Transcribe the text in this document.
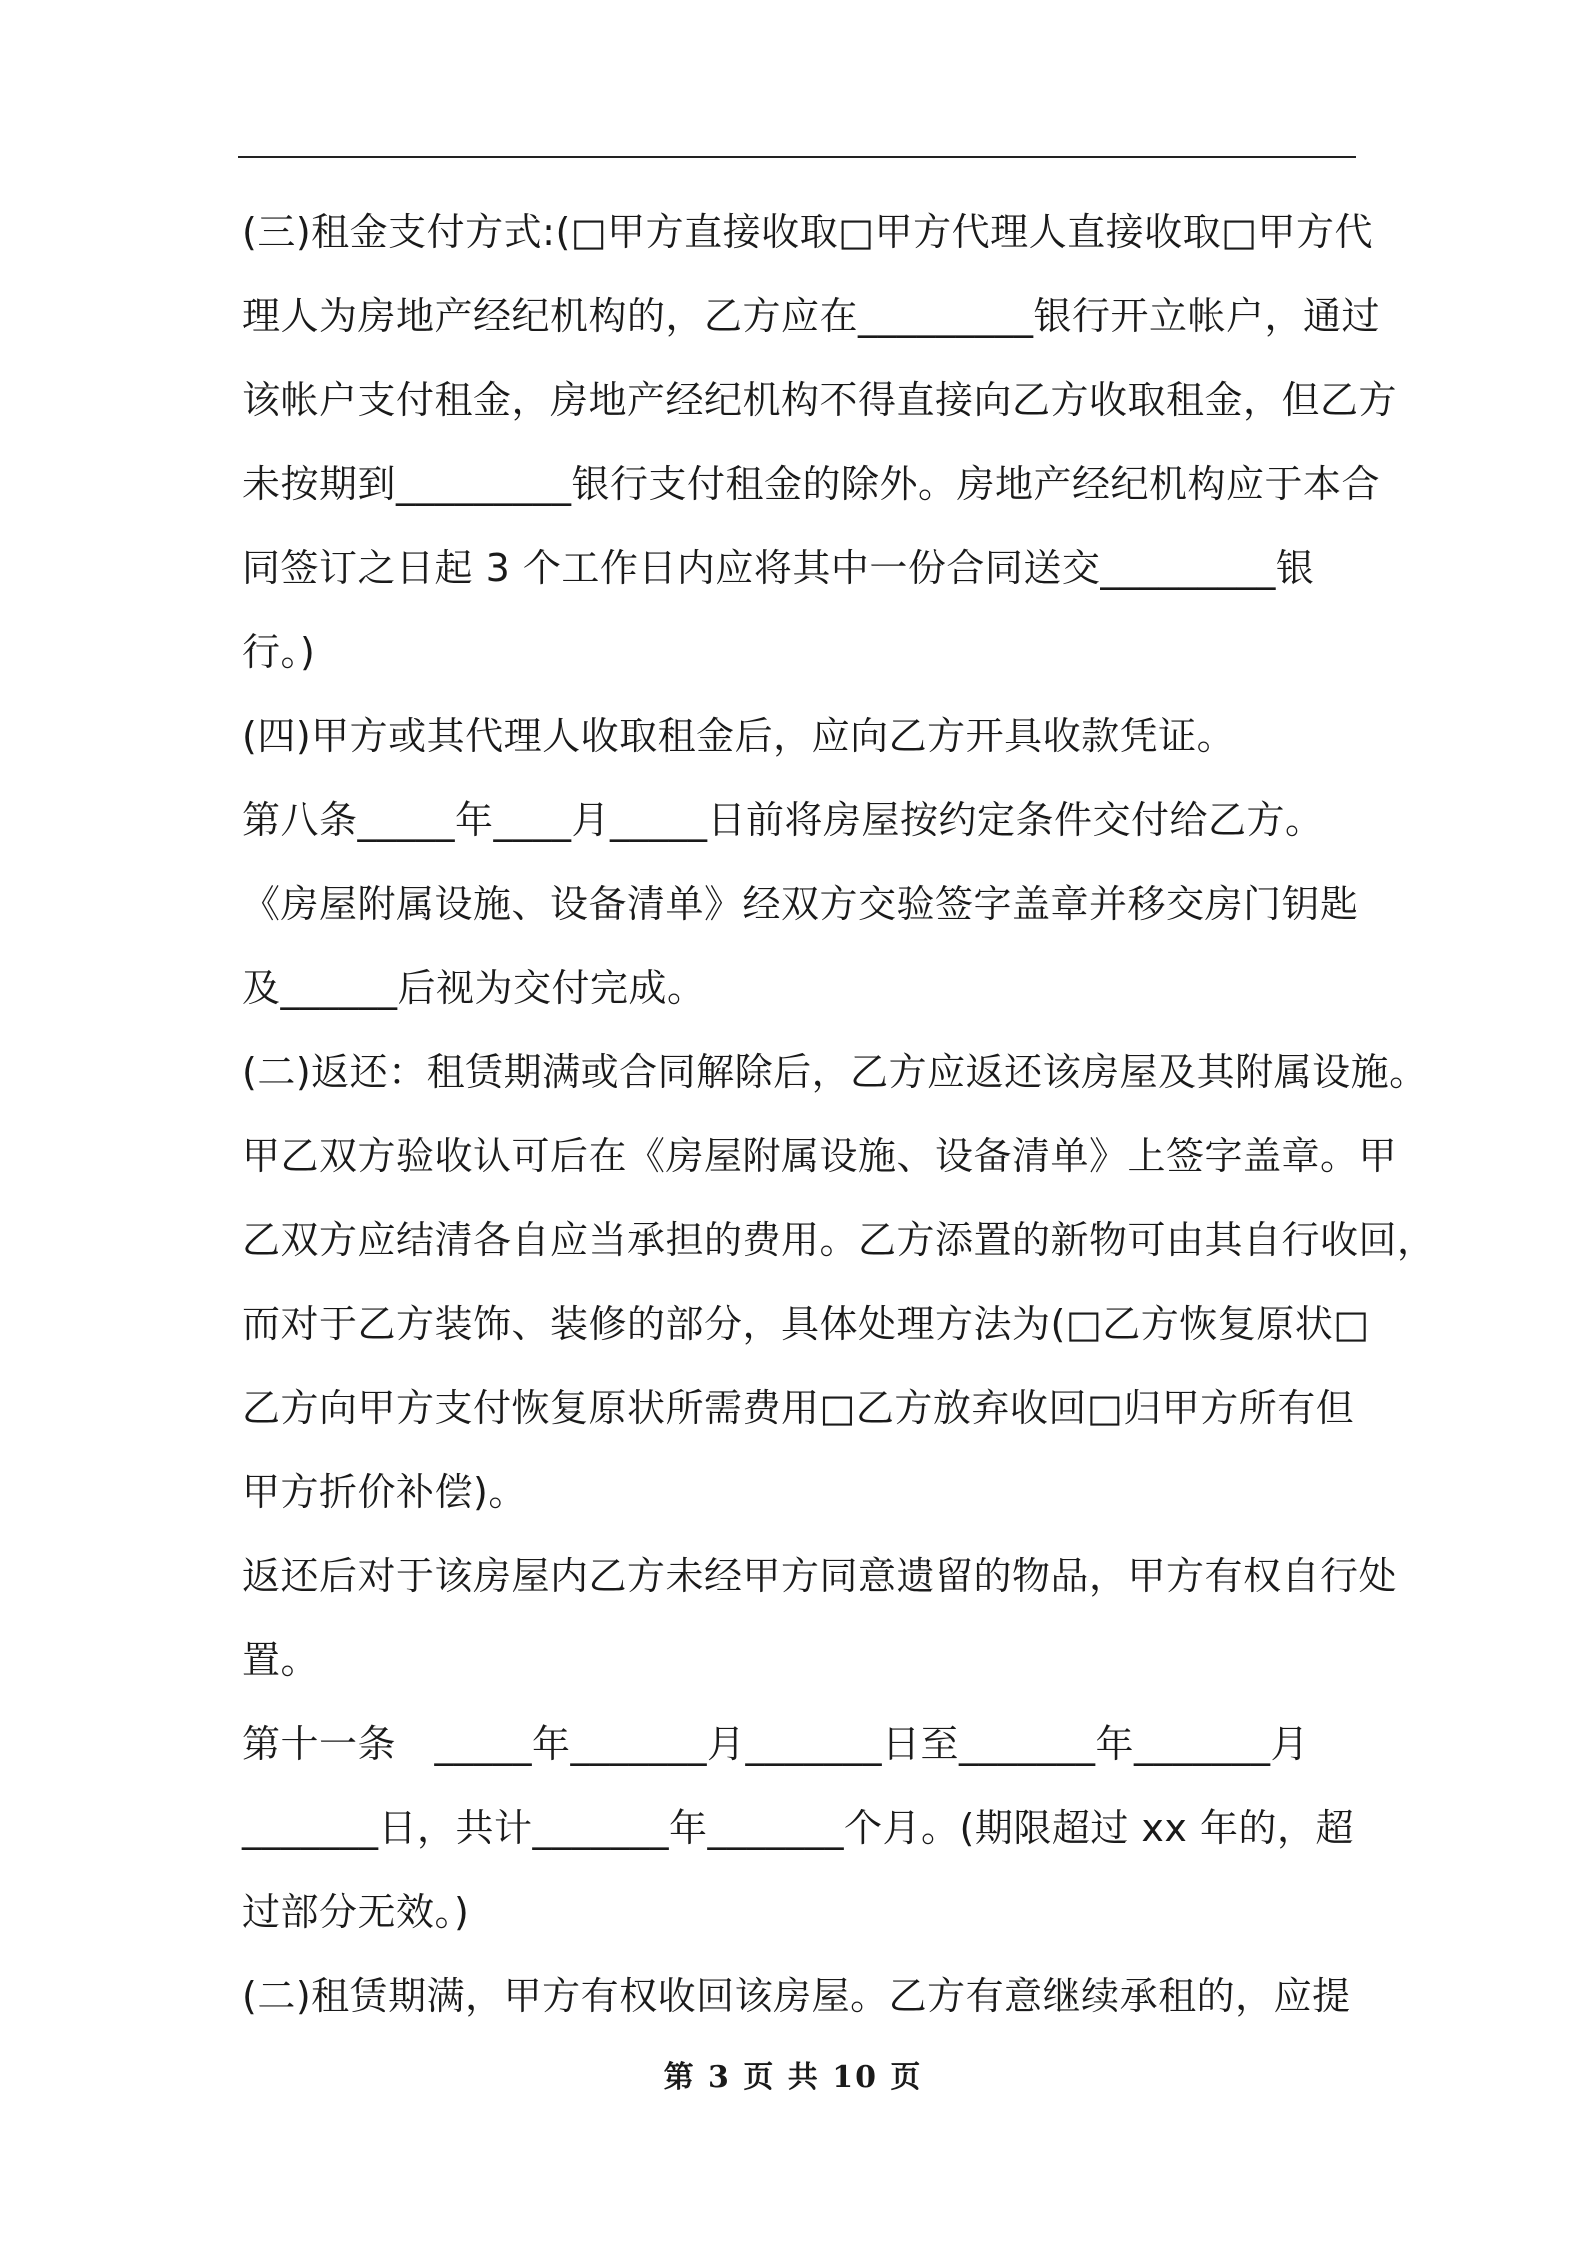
(三)租金支付方式:(□甲方直接收取□甲方代理人直接收取□甲方代
理人为房地产经纪机构的，乙方应在_________银行开立帐户，通过
该帐户支付租金，房地产经纪机构不得直接向乙方收取租金，但乙方
未按期到_________银行支付租金的除外。房地产经纪机构应于本合
同签订之日起 3 个工作日内应将其中一份合同送交_________银
行。)
(四)甲方或其代理人收取租金后，应向乙方开具收款凭证。
第八条_____年____月_____日前将房屋按约定条件交付给乙方。
《房屋附属设施、设备清单》经双方交验签字盖章并移交房门钥匙
及______后视为交付完成。
(二)返还：租赁期满或合同解除后，乙方应返还该房屋及其附属设施。
甲乙双方验收认可后在《房屋附属设施、设备清单》上签字盖章。甲
乙双方应结清各自应当承担的费用。乙方添置的新物可由其自行收回，
而对于乙方装饰、装修的部分，具体处理方法为(□乙方恢复原状□
乙方向甲方支付恢复原状所需费用□乙方放弃收回□归甲方所有但
甲方折价补偿)。
返还后对于该房屋内乙方未经甲方同意遗留的物品，甲方有权自行处
置。
第十一条　_____年_______月_______日至_______年_______月
_______日，共计_______年_______个月。(期限超过 xx 年的，超
过部分无效。)
(二)租赁期满，甲方有权收回该房屋。乙方有意继续承租的，应提
第 3 页 共 10 页
